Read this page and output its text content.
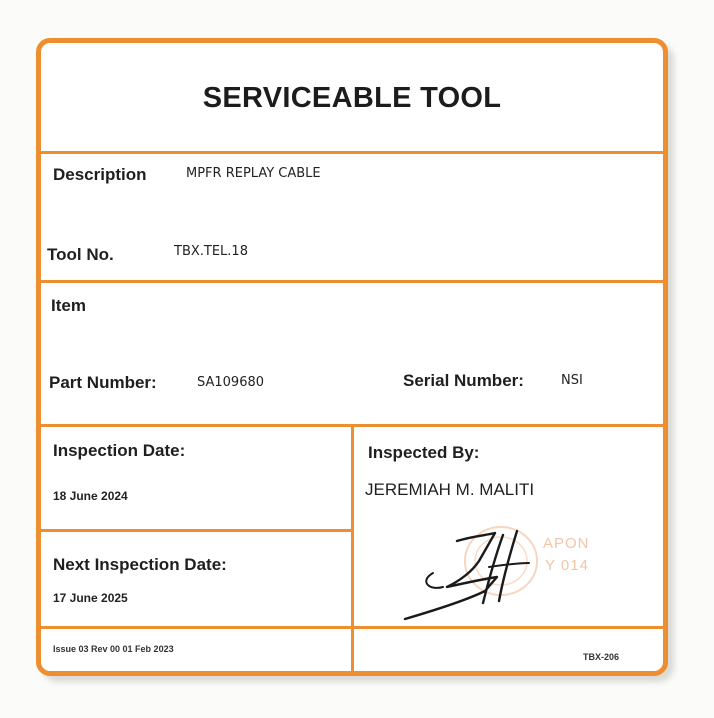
SERVICEABLE TOOL
Description	MPFR REPLAY CABLE
Tool No.	TBX.TEL.18
Item
Part Number:	SA109680	Serial Number:	NSI
Inspection Date:
18 June 2024
Next Inspection Date:
17 June 2025
Inspected By:
JEREMIAH M. MALITI
APON
Y 014
Issue 03 Rev 00 01 Feb 2023
TBX-206
